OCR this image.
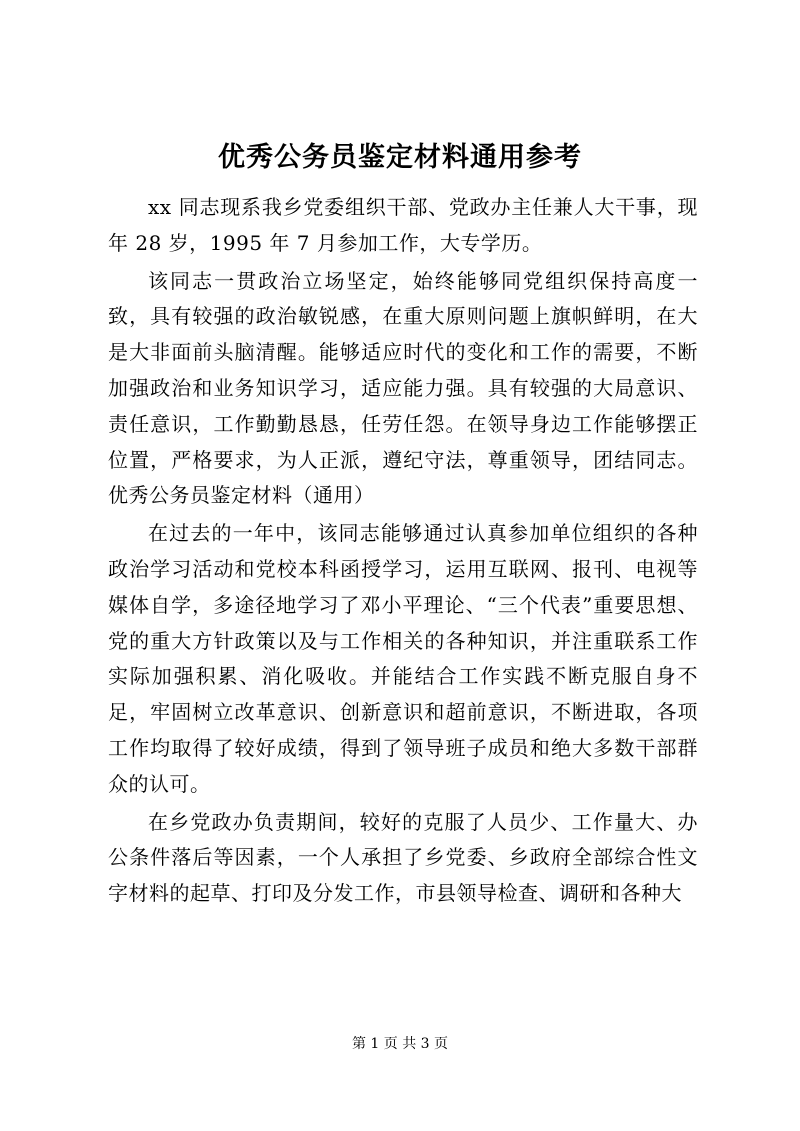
优秀公务员鉴定材料通用参考

xx 同志现系我乡党委组织干部、党政办主任兼人大干事，现年 28 岁，1995 年 7 月参加工作，大专学历。

该同志一贯政治立场坚定，始终能够同党组织保持高度一致，具有较强的政治敏锐感，在重大原则问题上旗帜鲜明，在大是大非面前头脑清醒。能够适应时代的变化和工作的需要，不断加强政治和业务知识学习，适应能力强。具有较强的大局意识、责任意识，工作勤勤恳恳，任劳任怨。在领导身边工作能够摆正位置，严格要求，为人正派，遵纪守法，尊重领导，团结同志。优秀公务员鉴定材料（通用）

在过去的一年中，该同志能够通过认真参加单位组织的各种政治学习活动和党校本科函授学习，运用互联网、报刊、电视等媒体自学，多途径地学习了邓小平理论、“三个代表”重要思想、党的重大方针政策以及与工作相关的各种知识，并注重联系工作实际加强积累、消化吸收。并能结合工作实践不断克服自身不足，牢固树立改革意识、创新意识和超前意识，不断进取，各项工作均取得了较好成绩，得到了领导班子成员和绝大多数干部群众的认可。

在乡党政办负责期间，较好的克服了人员少、工作量大、办公条件落后等因素，一个人承担了乡党委、乡政府全部综合性文字材料的起草、打印及分发工作，市县领导检查、调研和各种大

第 1 页 共 3 页
